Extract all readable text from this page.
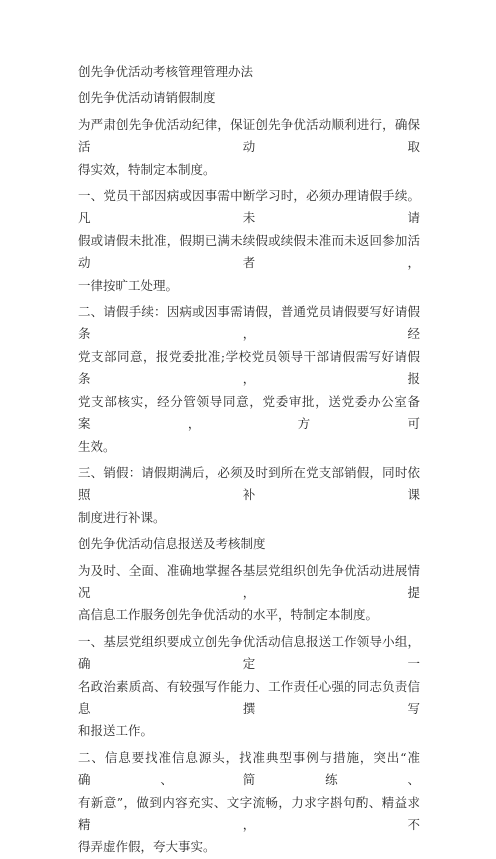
创先争优活动考核管理管理办法

创先争优活动请销假制度

为严肃创先争优活动纪律，保证创先争优活动顺利进行，确保活动取

得实效，特制定本制度。

一、党员干部因病或因事需中断学习时，必须办理请假手续。凡未请

假或请假未批准，假期已满未续假或续假未准而未返回参加活动者，

一律按旷工处理。

二、请假手续：因病或因事需请假，普通党员请假要写好请假条，经

党支部同意，报党委批准;学校党员领导干部请假需写好请假条，报

党支部核实，经分管领导同意，党委审批，送党委办公室备案，方可

生效。

三、销假：请假期满后，必须及时到所在党支部销假，同时依照补课

制度进行补课。

创先争优活动信息报送及考核制度

为及时、全面、准确地掌握各基层党组织创先争优活动进展情况，提

高信息工作服务创先争优活动的水平，特制定本制度。

一、基层党组织要成立创先争优活动信息报送工作领导小组，确定一

名政治素质高、有较强写作能力、工作责任心强的同志负责信息撰写

和报送工作。

二、信息要找准信息源头，找准典型事例与措施，突出“准确、简练、

有新意”，做到内容充实、文字流畅，力求字斟句酌、精益求精，不

得弄虚作假，夸大事实。
